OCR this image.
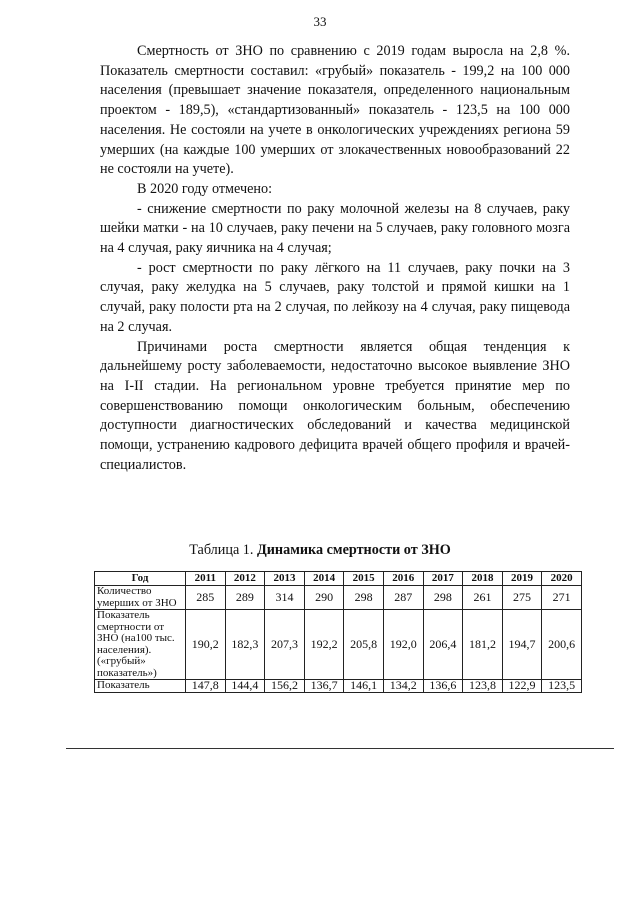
33

Смертность от ЗНО по сравнению с 2019 годам выросла на 2,8 %. Показатель смертности составил: «грубый» показатель - 199,2 на 100 000 населения (превышает значение показателя, определенного национальным проектом - 189,5), «стандартизованный» показатель - 123,5 на 100 000 населения. Не состояли на учете в онкологических учреждениях региона 59 умерших (на каждые 100 умерших от злокачественных новообразований 22 не состояли на учете).

В 2020 году отмечено:

- снижение смертности по раку молочной железы на 8 случаев, раку шейки матки - на 10 случаев, раку печени на 5 случаев, раку головного мозга на 4 случая, раку яичника на 4 случая;

- рост смертности по раку лёгкого на 11 случаев, раку почки на 3 случая, раку желудка на 5 случаев, раку толстой и прямой кишки на 1 случай, раку полости рта на 2 случая, по лейкозу на 4 случая, раку пищевода на 2 случая.

Причинами роста смертности является общая тенденция к дальнейшему росту заболеваемости, недостаточно высокое выявление ЗНО на I-II стадии. На региональном уровне требуется принятие мер по совершенствованию помощи онкологическим больным, обеспечению доступности диагностических обследований и качества медицинской помощи, устранению кадрового дефицита врачей общего профиля и врачей-специалистов.

Таблица 1. Динамика смертности от ЗНО
Год	2011	2012	2013	2014	2015	2016	2017	2018	2019	2020
Количество умерших от ЗНО	285	289	314	290	298	287	298	261	275	271
Показатель смертности от ЗНО (на100 тыс. населения). («грубый» показатель»)	190,2	182,3	207,3	192,2	205,8	192,0	206,4	181,2	194,7	200,6
Показатель	147,8	144,4	156,2	136,7	146,1	134,2	136,6	123,8	122,9	123,5
